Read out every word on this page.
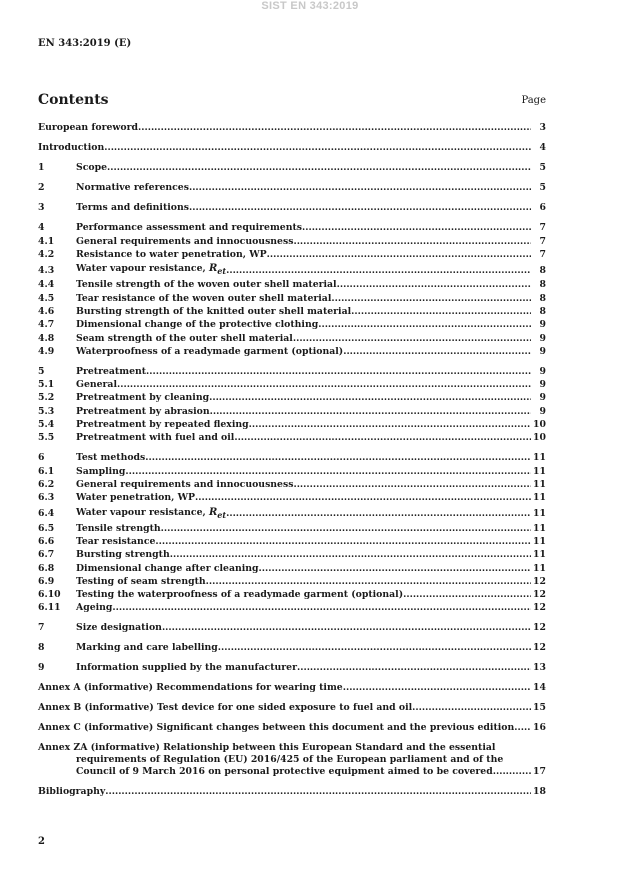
SIST EN 343:2019
EN 343:2019 (E)
Contents	Page
European foreword .....	3
Introduction .....	4
1	Scope .....	5
2	Normative references .....	5
3	Terms and definitions .....	6
4	Performance assessment and requirements .....	7
4.1	General requirements and innocuousness .....	7
4.2	Resistance to water penetration, WP .....	7
4.3	Water vapour resistance, $R_{et}$ .....	8
4.4	Tensile strength of the woven outer shell material .....	8
4.5	Tear resistance of the woven outer shell material .....	8
4.6	Bursting strength of the knitted outer shell material .....	8
4.7	Dimensional change of the protective clothing .....	9
4.8	Seam strength of the outer shell material .....	9
4.9	Waterproofness of a readymade garment (optional) .....	9
5	Pretreatment .....	9
5.1	General .....	9
5.2	Pretreatment by cleaning .....	9
5.3	Pretreatment by abrasion .....	9
5.4	Pretreatment by repeated flexing .....	10
5.5	Pretreatment with fuel and oil .....	10
6	Test methods .....	11
6.1	Sampling .....	11
6.2	General requirements and innocuousness .....	11
6.3	Water penetration, WP .....	11
6.4	Water vapour resistance, $R_{et}$ .....	11
6.5	Tensile strength .....	11
6.6	Tear resistance .....	11
6.7	Bursting strength .....	11
6.8	Dimensional change after cleaning .....	11
6.9	Testing of seam strength .....	12
6.10	Testing the waterproofness of a readymade garment (optional) .....	12
6.11	Ageing .....	12
7	Size designation .....	12
8	Marking and care labelling .....	12
9	Information supplied by the manufacturer .....	13
Annex A (informative) Recommendations for wearing time .....	14
Annex B (informative) Test device for one sided exposure to fuel and oil .....	15
Annex C (informative) Significant changes between this document and the previous edition ..... 16
Annex ZA (informative) Relationship between this European Standard and the essential
requirements of Regulation (EU) 2016/425 of the European parliament and of the
Council of 9 March 2016 on personal protective equipment aimed to be covered .....	17
Bibliography .....	18
2
